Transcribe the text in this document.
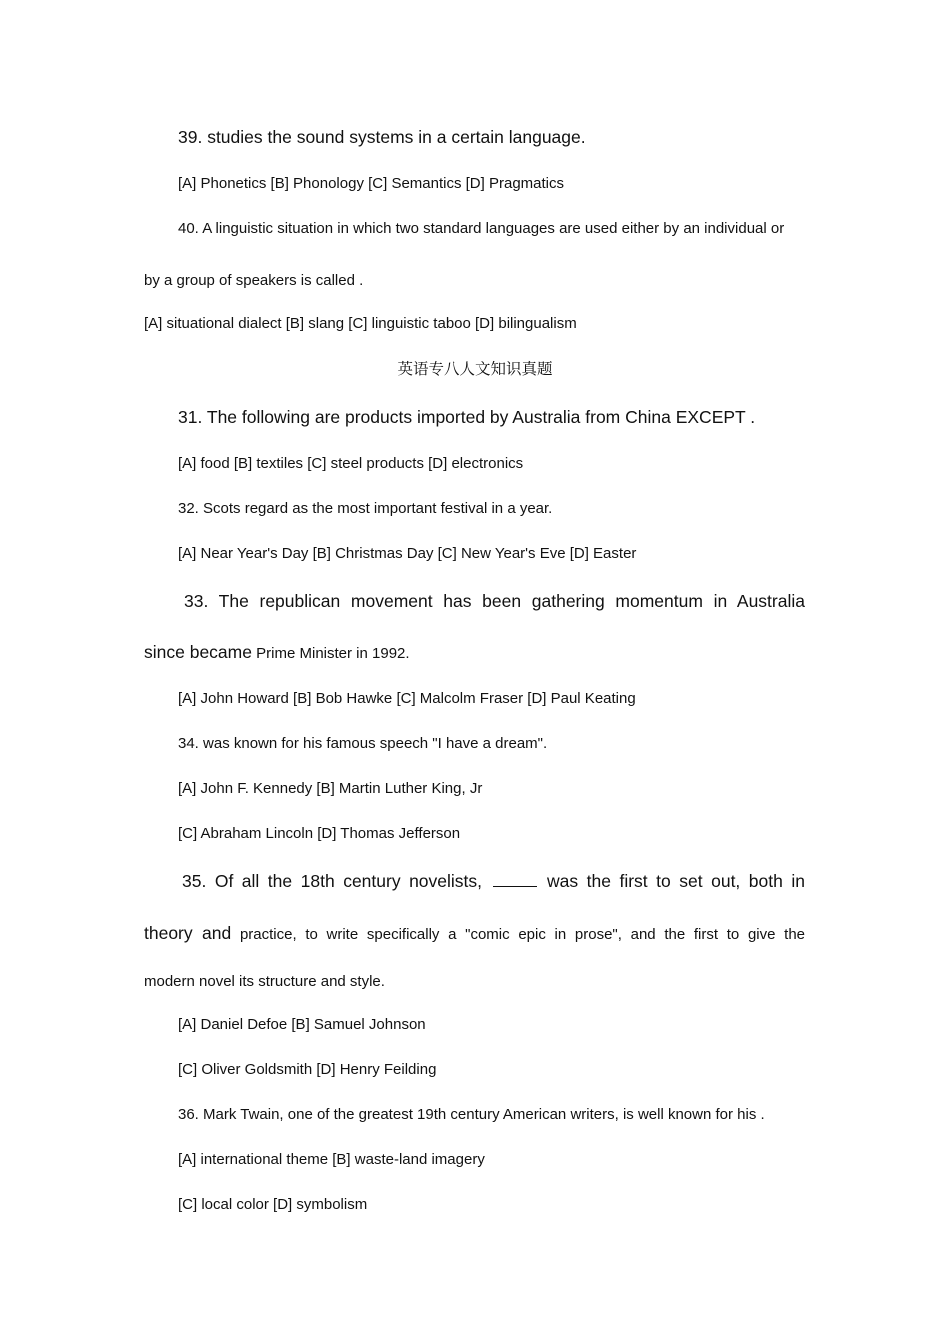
39. studies the sound systems in a certain language.
[A] Phonetics [B] Phonology [C] Semantics [D] Pragmatics
40. A linguistic situation in which two standard languages are used either by an individual or
by a group of speakers is called .
[A] situational dialect [B] slang [C] linguistic taboo [D] bilingualism
英语专八人文知识真题
31. The following are products imported by Australia from China EXCEPT .
[A] food [B] textiles [C] steel products [D] electronics
32. Scots regard as the most important festival in a year.
[A] Near Year's Day [B] Christmas Day [C] New Year's Eve [D] Easter
33. The republican movement has been gathering momentum in Australia
since became Prime Minister in 1992.
[A] John Howard [B] Bob Hawke [C] Malcolm Fraser [D] Paul Keating
34. was known for his famous speech "I have a dream".
[A] John F. Kennedy [B] Martin Luther King, Jr
[C] Abraham Lincoln [D] Thomas Jefferson
35. Of all the 18th century novelists,	was the first to set out, both in
theory and practice, to write specifically a "comic epic in prose", and the first to give the
modern novel its structure and style.
[A] Daniel Defoe [B] Samuel Johnson
[C] Oliver Goldsmith [D] Henry Feilding
36. Mark Twain, one of the greatest 19th century American writers, is well known for his .
[A] international theme [B] waste-land imagery
[C] local color [D] symbolism
